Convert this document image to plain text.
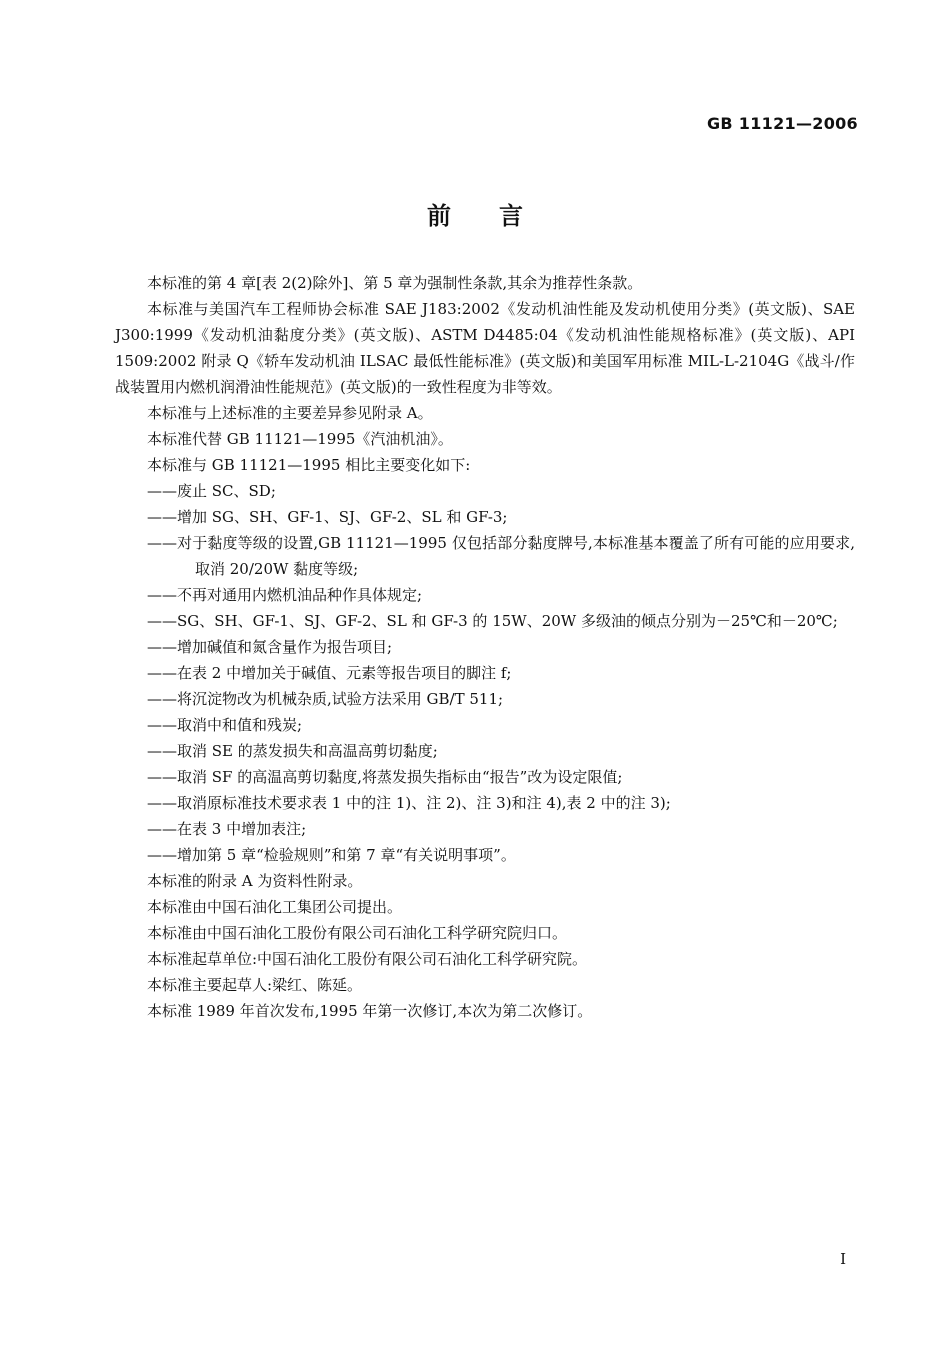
GB 11121—2006
前言

本标准的第 4 章[表 2(2)除外]、第 5 章为强制性条款,其余为推荐性条款。

本标准与美国汽车工程师协会标准 SAE J183:2002《发动机油性能及发动机使用分类》(英文版)、SAE J300:1999《发动机油黏度分类》(英文版)、ASTM D4485:04《发动机油性能规格标准》(英文版)、API 1509:2002 附录 Q《轿车发动机油 ILSAC 最低性能标准》(英文版)和美国军用标准 MIL-L-2104G《战斗/作战装置用内燃机润滑油性能规范》(英文版)的一致性程度为非等效。

本标准与上述标准的主要差异参见附录 A。

本标准代替 GB 11121—1995《汽油机油》。

本标准与 GB 11121—1995 相比主要变化如下:

——废止 SC、SD;

——增加 SG、SH、GF-1、SJ、GF-2、SL 和 GF-3;

——对于黏度等级的设置,GB 11121—1995 仅包括部分黏度牌号,本标准基本覆盖了所有可能的应用要求,取消 20/20W 黏度等级;

——不再对通用内燃机油品种作具体规定;

——SG、SH、GF-1、SJ、GF-2、SL 和 GF-3 的 15W、20W 多级油的倾点分别为－25℃和－20℃;

——增加碱值和氮含量作为报告项目;

——在表 2 中增加关于碱值、元素等报告项目的脚注 f;

——将沉淀物改为机械杂质,试验方法采用 GB/T 511;

——取消中和值和残炭;

——取消 SE 的蒸发损失和高温高剪切黏度;

——取消 SF 的高温高剪切黏度,将蒸发损失指标由“报告”改为设定限值;

——取消原标准技术要求表 1 中的注 1)、注 2)、注 3)和注 4),表 2 中的注 3);

——在表 3 中增加表注;

——增加第 5 章“检验规则”和第 7 章“有关说明事项”。

本标准的附录 A 为资料性附录。

本标准由中国石油化工集团公司提出。

本标准由中国石油化工股份有限公司石油化工科学研究院归口。

本标准起草单位:中国石油化工股份有限公司石油化工科学研究院。

本标准主要起草人:梁红、陈延。

本标准 1989 年首次发布,1995 年第一次修订,本次为第二次修订。

I
